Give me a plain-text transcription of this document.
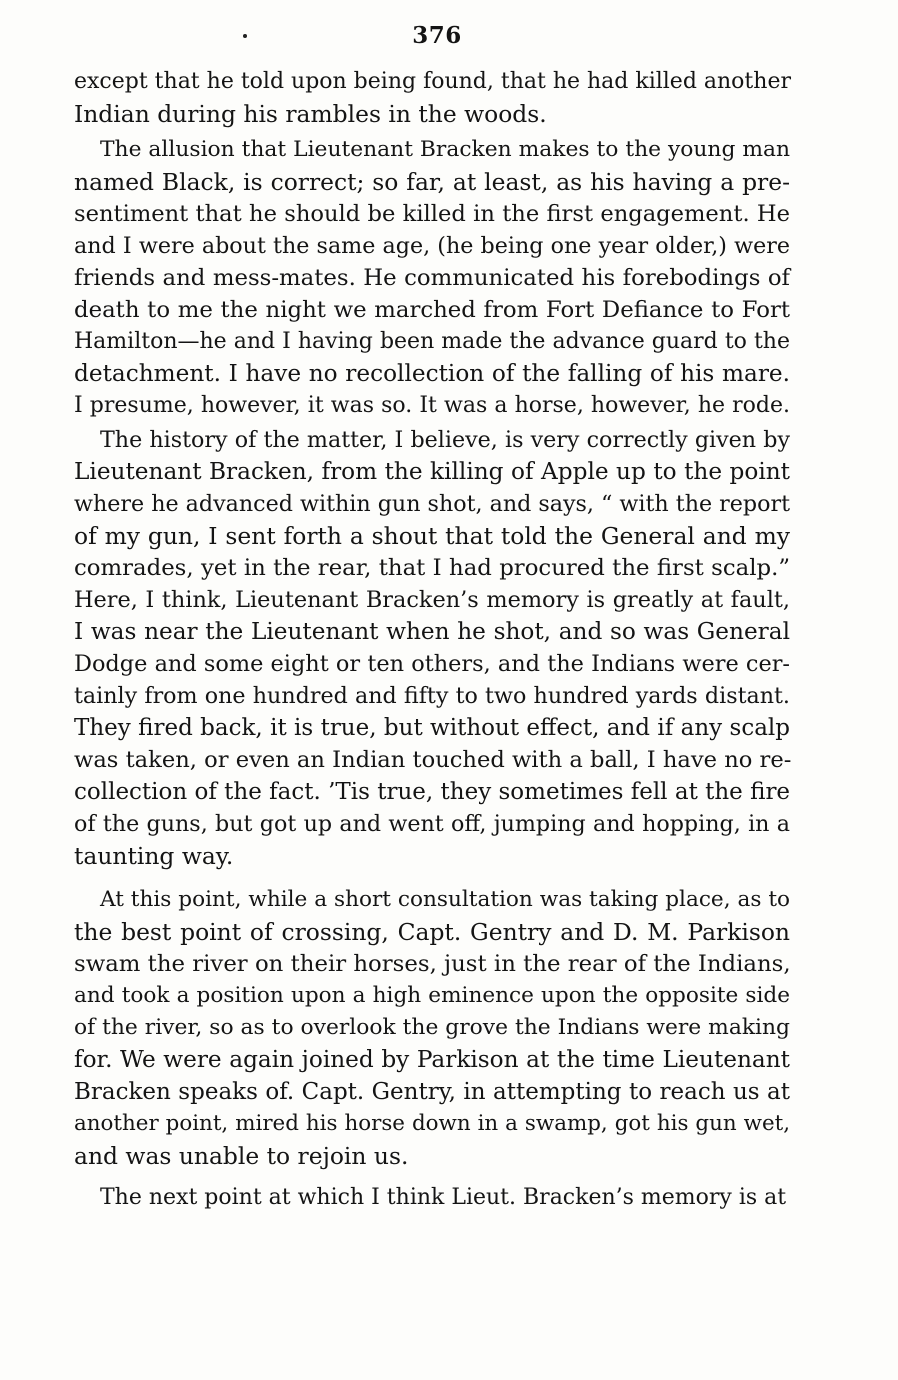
376
except that he told upon being found, that he had killed another
Indian during his rambles in the woods.
The allusion that Lieutenant Bracken makes to the young man
named Black, is correct; so far, at least, as his having a pre-
sentiment that he should be killed in the first engagement. He
and I were about the same age, (he being one year older,) were
friends and mess-mates. He communicated his forebodings of
death to me the night we marched from Fort Defiance to Fort
Hamilton—he and I having been made the advance guard to the
detachment. I have no recollection of the falling of his mare.
I presume, however, it was so. It was a horse, however, he rode.
The history of the matter, I believe, is very correctly given by
Lieutenant Bracken, from the killing of Apple up to the point
where he advanced within gun shot, and says, “ with the report
of my gun, I sent forth a shout that told the General and my
comrades, yet in the rear, that I had procured the first scalp.”
Here, I think, Lieutenant Bracken’s memory is greatly at fault,
I was near the Lieutenant when he shot, and so was General
Dodge and some eight or ten others, and the Indians were cer-
tainly from one hundred and fifty to two hundred yards distant.
They fired back, it is true, but without effect, and if any scalp
was taken, or even an Indian touched with a ball, I have no re-
collection of the fact. ’Tis true, they sometimes fell at the fire
of the guns, but got up and went off, jumping and hopping, in a
taunting way.
At this point, while a short consultation was taking place, as to
the best point of crossing, Capt. Gentry and D. M. Parkison
swam the river on their horses, just in the rear of the Indians,
and took a position upon a high eminence upon the opposite side
of the river, so as to overlook the grove the Indians were making
for. We were again joined by Parkison at the time Lieutenant
Bracken speaks of. Capt. Gentry, in attempting to reach us at
another point, mired his horse down in a swamp, got his gun wet,
and was unable to rejoin us.
The next point at which I think Lieut. Bracken’s memory is at
